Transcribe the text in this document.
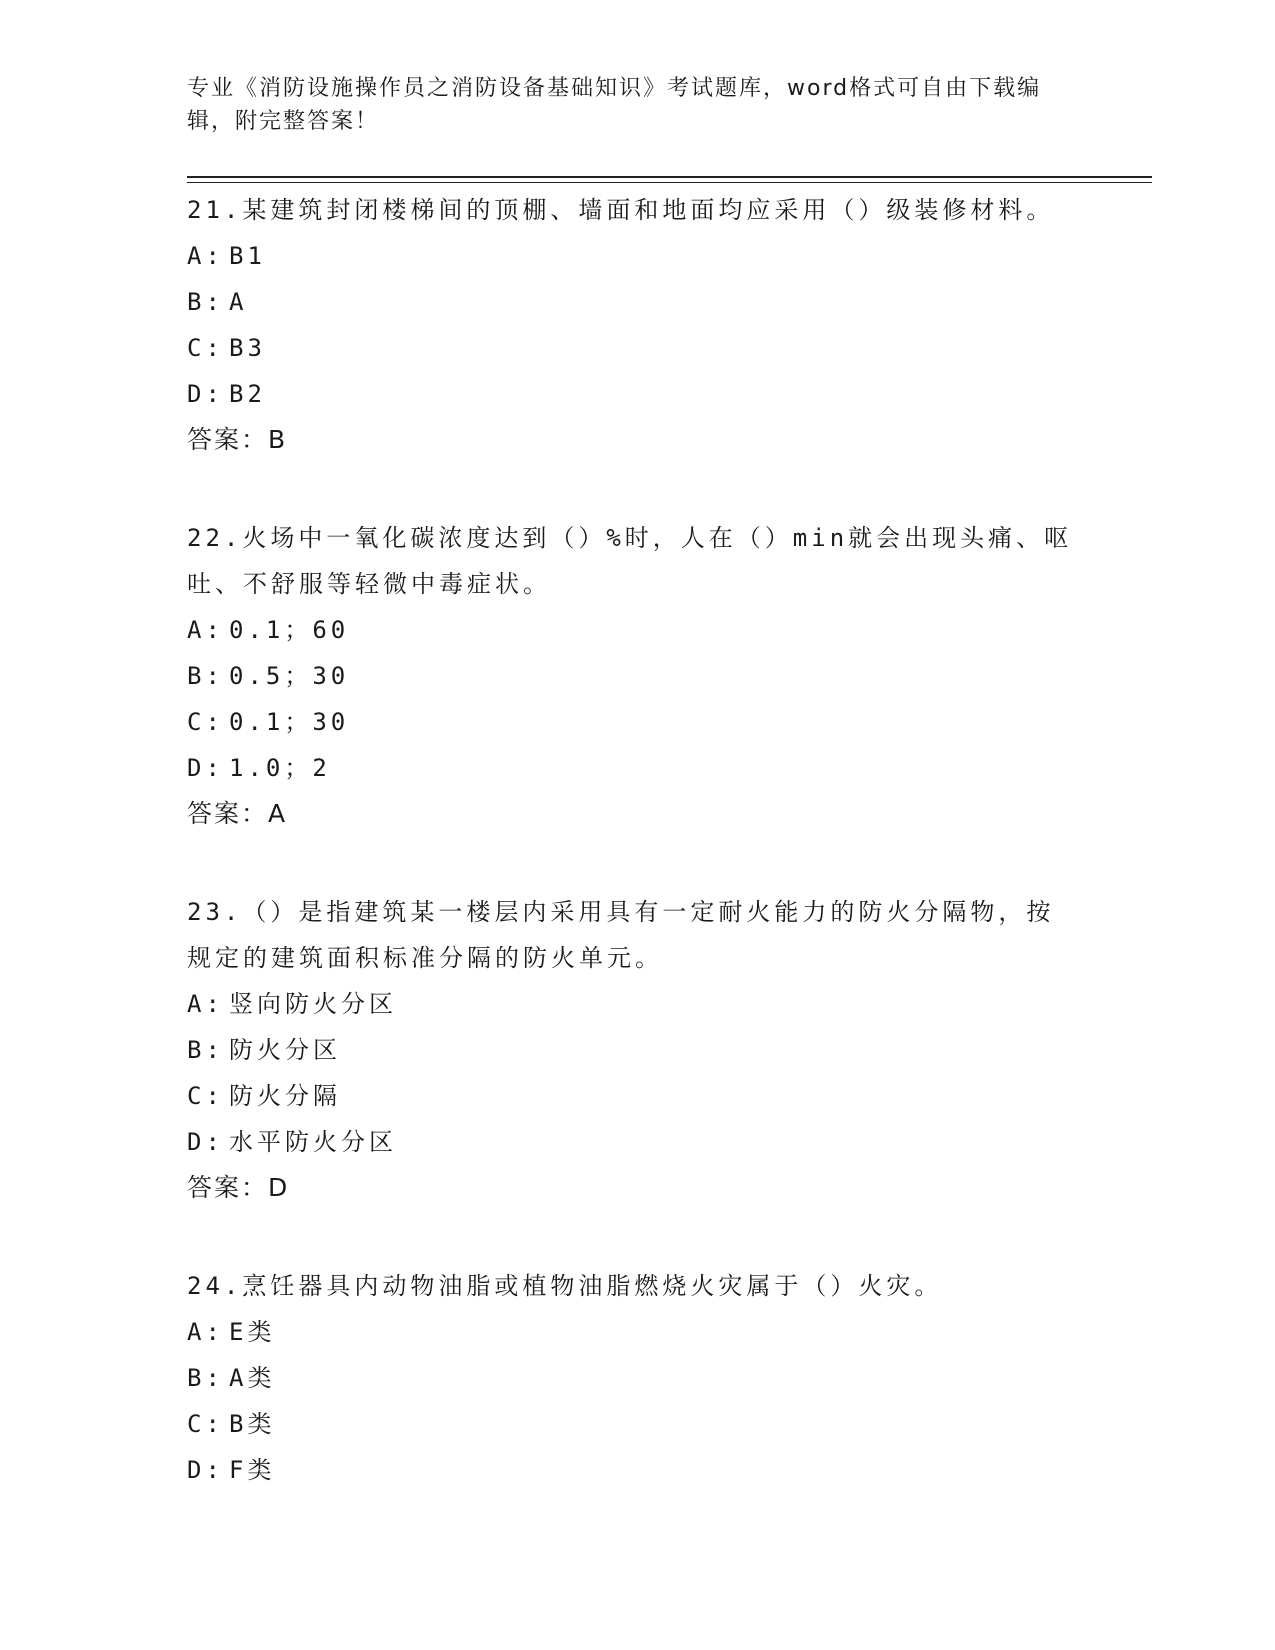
专业《消防设施操作员之消防设备基础知识》考试题库，word格式可自由下载编
辑，附完整答案！

21.某建筑封闭楼梯间的顶棚、墙面和地面均应采用（）级装修材料。

A: B1

B: A

C: B3

D: B2

答案：B

22.火场中一氧化碳浓度达到（）%时，人在（）min就会出现头痛、呕

吐、不舒服等轻微中毒症状。

A: 0.1；60

B: 0.5；30

C: 0.1；30

D: 1.0；2

答案：A

23.（）是指建筑某一楼层内采用具有一定耐火能力的防火分隔物，按

规定的建筑面积标准分隔的防火单元。

A: 竖向防火分区

B: 防火分区

C: 防火分隔

D: 水平防火分区

答案：D

24.烹饪器具内动物油脂或植物油脂燃烧火灾属于（）火灾。

A: E类

B: A类

C: B类

D: F类
